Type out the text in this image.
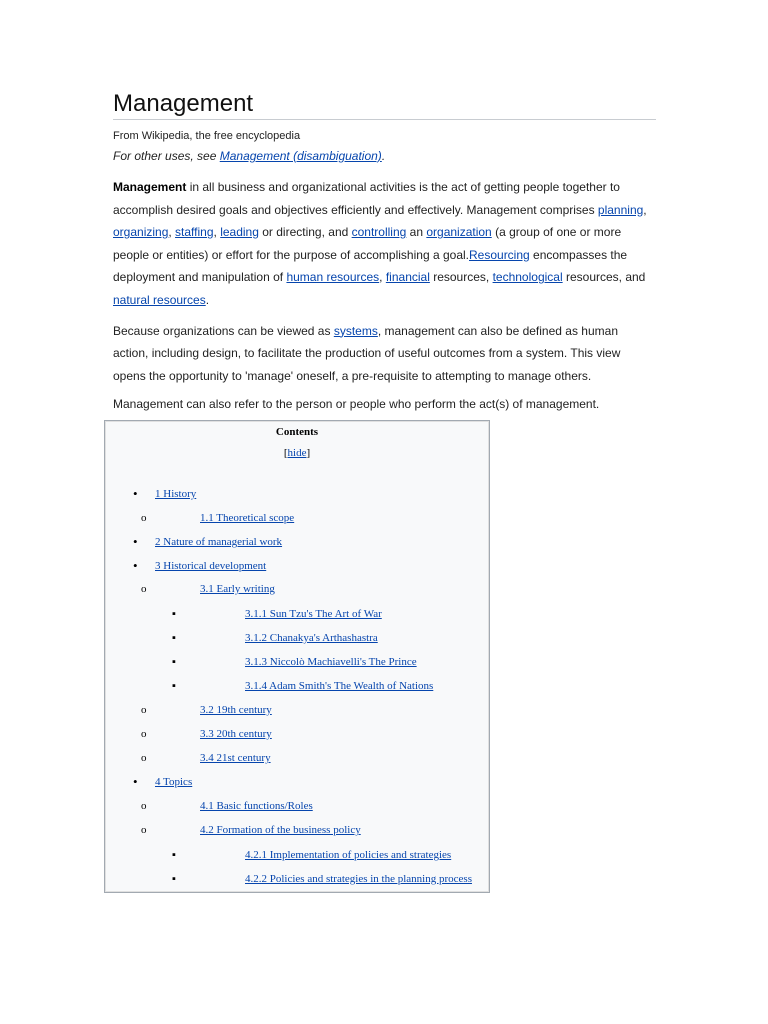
Management
From Wikipedia, the free encyclopedia
For other uses, see Management (disambiguation).
Management in all business and organizational activities is the act of getting people together to accomplish desired goals and objectives efficiently and effectively. Management comprises planning, organizing, staffing, leading or directing, and controlling an organization (a group of one or more people or entities) or effort for the purpose of accomplishing a goal.Resourcing encompasses the deployment and manipulation of human resources, financial resources, technological resources, and natural resources.
Because organizations can be viewed as systems, management can also be defined as human action, including design, to facilitate the production of useful outcomes from a system. This view opens the opportunity to 'manage' oneself, a pre-requisite to attempting to manage others.
Management can also refer to the person or people who perform the act(s) of management.
Contents
[hide]
• 1 History
o	1.1 Theoretical scope
• 2 Nature of managerial work
• 3 Historical development
o	3.1 Early writing
▪	3.1.1 Sun Tzu's The Art of War
▪	3.1.2 Chanakya's Arthashastra
▪	3.1.3 Niccolò Machiavelli's The Prince
▪	3.1.4 Adam Smith's The Wealth of Nations
o	3.2 19th century
o	3.3 20th century
o	3.4 21st century
• 4 Topics
o	4.1 Basic functions/Roles
o	4.2 Formation of the business policy
▪	4.2.1 Implementation of policies and strategies
▪	4.2.2 Policies and strategies in the planning process
